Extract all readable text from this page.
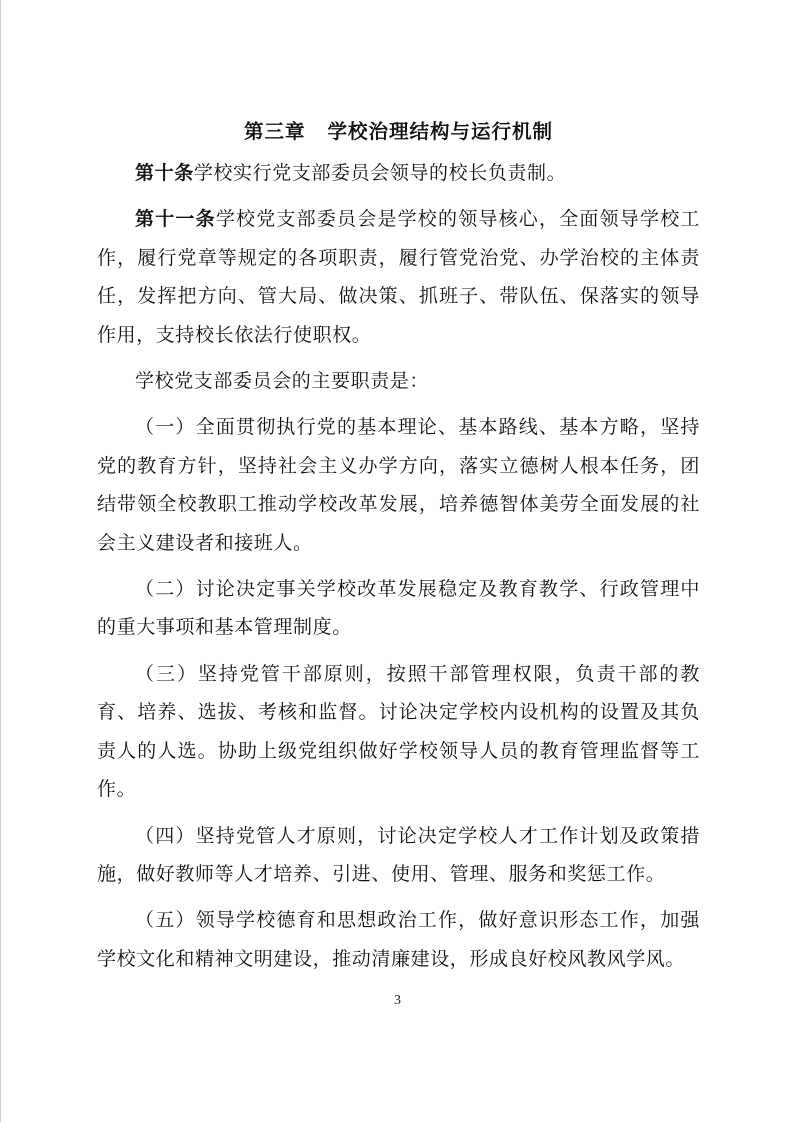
第三章 学校治理结构与运行机制

第十条学校实行党支部委员会领导的校长负责制。

第十一条学校党支部委员会是学校的领导核心，全面领导学校工作，履行党章等规定的各项职责，履行管党治党、办学治校的主体责任，发挥把方向、管大局、做决策、抓班子、带队伍、保落实的领导作用，支持校长依法行使职权。

学校党支部委员会的主要职责是：

（一）全面贯彻执行党的基本理论、基本路线、基本方略，坚持党的教育方针，坚持社会主义办学方向，落实立德树人根本任务，团结带领全校教职工推动学校改革发展，培养德智体美劳全面发展的社会主义建设者和接班人。

（二）讨论决定事关学校改革发展稳定及教育教学、行政管理中的重大事项和基本管理制度。

（三）坚持党管干部原则，按照干部管理权限，负责干部的教育、培养、选拔、考核和监督。讨论决定学校内设机构的设置及其负责人的人选。协助上级党组织做好学校领导人员的教育管理监督等工作。

（四）坚持党管人才原则，讨论决定学校人才工作计划及政策措施，做好教师等人才培养、引进、使用、管理、服务和奖惩工作。

（五）领导学校德育和思想政治工作，做好意识形态工作，加强学校文化和精神文明建设，推动清廉建设，形成良好校风教风学风。

3
